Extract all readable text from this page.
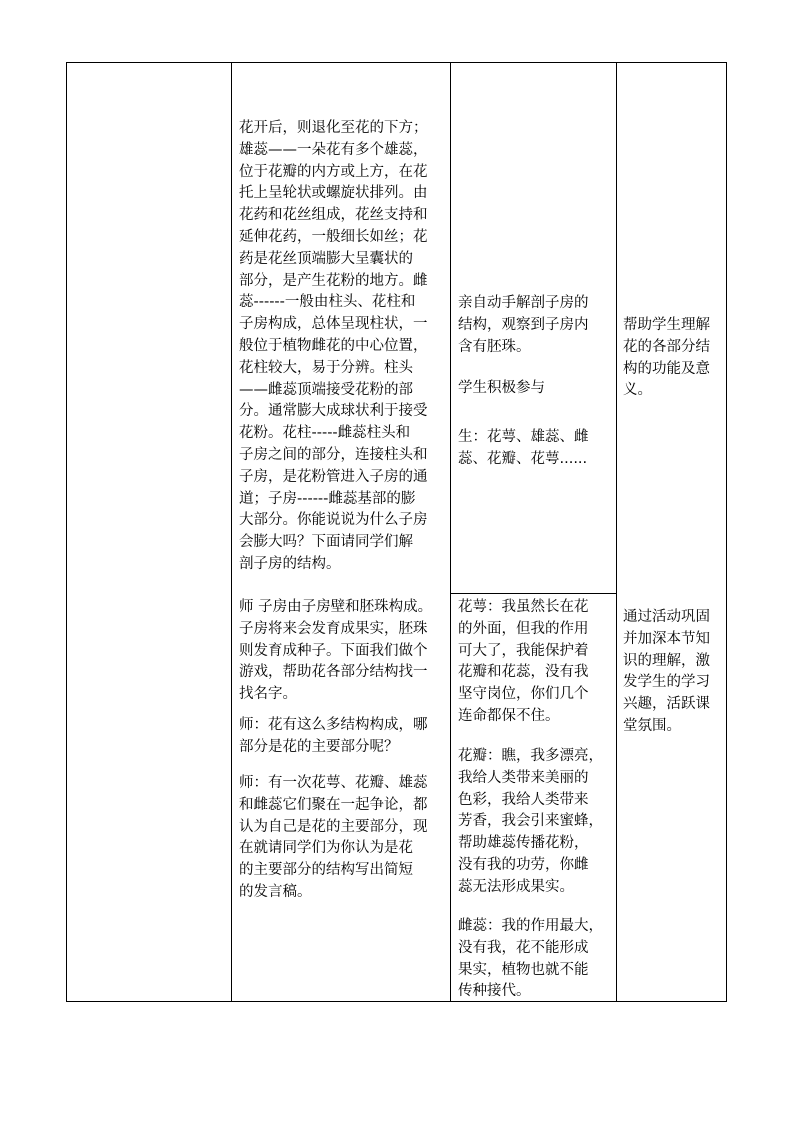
花开后，则退化至花的下方；
雄蕊——一朵花有多个雄蕊，
位于花瓣的内方或上方，在花
托上呈轮状或螺旋状排列。由
花药和花丝组成，花丝支持和
延伸花药，一般细长如丝；花
药是花丝顶端膨大呈囊状的
部分，是产生花粉的地方。雌
蕊------一般由柱头、花柱和
子房构成，总体呈现柱状，一
般位于植物雌花的中心位置，
花柱较大，易于分辨。柱头
——雌蕊顶端接受花粉的部
分。通常膨大成球状利于接受
花粉。花柱-----雌蕊柱头和
子房之间的部分，连接柱头和
子房，是花粉管进入子房的通
道；子房------雌蕊基部的膨
大部分。你能说说为什么子房
会膨大吗？下面请同学们解
剖子房的结构。
师 子房由子房壁和胚珠构成。
子房将来会发育成果实，胚珠
则发育成种子。下面我们做个
游戏，帮助花各部分结构找一
找名字。
师：花有这么多结构构成，哪
部分是花的主要部分呢？
师：有一次花萼、花瓣、雄蕊
和雌蕊它们聚在一起争论，都
认为自己是花的主要部分，现
在就请同学们为你认为是花
的主要部分的结构写出简短
的发言稿。
亲自动手解剖子房的
结构，观察到子房内
含有胚珠。
学生积极参与
生：花萼、雄蕊、雌
蕊、花瓣、花萼......
花萼：我虽然长在花
的外面，但我的作用
可大了，我能保护着
花瓣和花蕊，没有我
坚守岗位，你们几个
连命都保不住。
花瓣：瞧，我多漂亮，
我给人类带来美丽的
色彩，我给人类带来
芳香，我会引来蜜蜂，
帮助雄蕊传播花粉，
没有我的功劳，你雌
蕊无法形成果实。
雌蕊：我的作用最大，
没有我，花不能形成
果实，植物也就不能
传种接代。
帮助学生理解
花的各部分结
构的功能及意
义。
通过活动巩固
并加深本节知
识的理解，激
发学生的学习
兴趣，活跃课
堂氛围。
